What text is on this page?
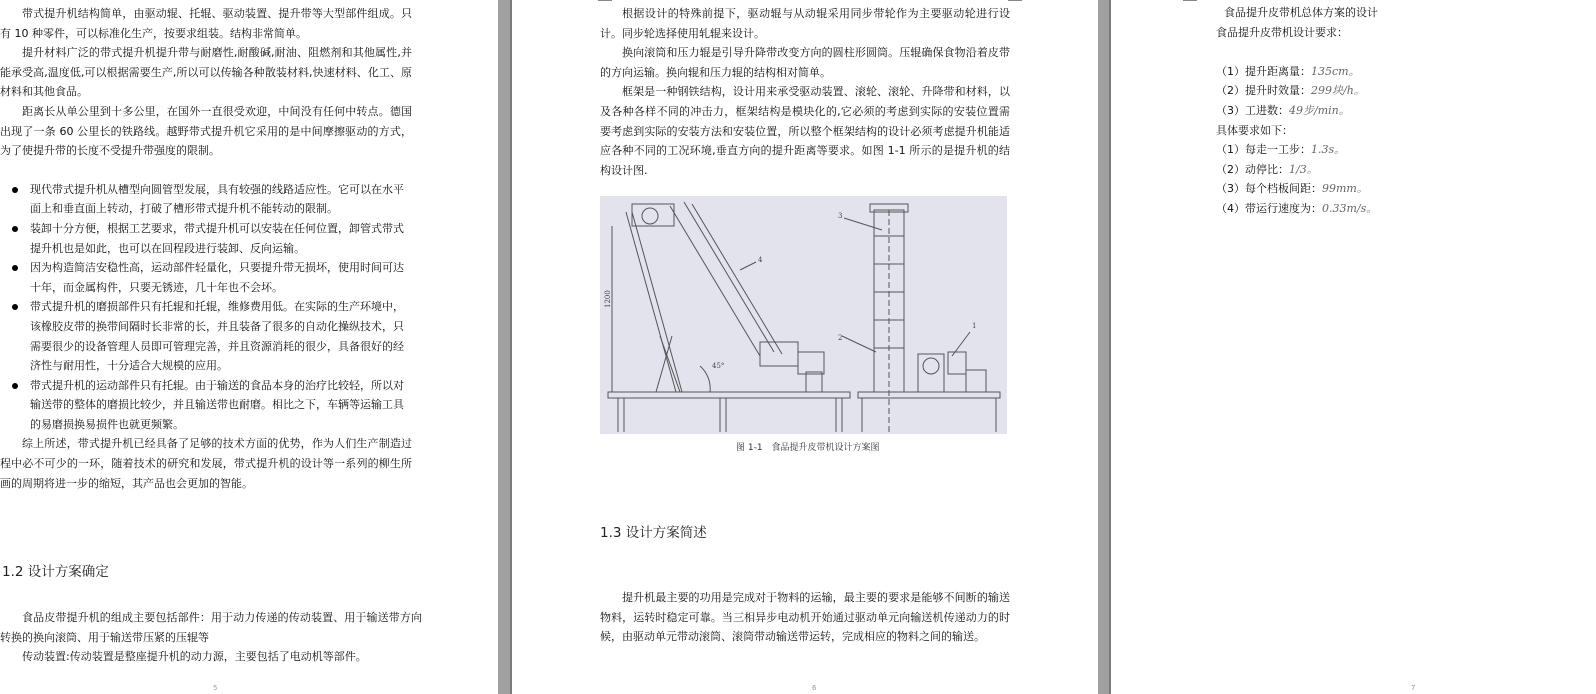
带式提升机结构简单，由驱动辊、托辊、驱动装置、提升带等大型部件组成。只有 10 种零件，可以标准化生产，按要求组装。结构非常简单。

提升材料广泛的带式提升机提升带与耐磨性,耐酸碱,耐油、阻燃剂和其他属性,并能承受高,温度低,可以根据需要生产,所以可以传输各种散装材料,快速材料、化工、原材料和其他食品。

距离长从单公里到十多公里，在国外一直很受欢迎，中间没有任何中转点。德国出现了一条 60 公里长的铁路线。越野带式提升机它采用的是中间摩擦驱动的方式，为了使提升带的长度不受提升带强度的限制。

现代带式提升机从槽型向圆管型发展，具有较强的线路适应性。它可以在水平面上和垂直面上转动，打破了槽形带式提升机不能转动的限制。
装卸十分方便，根据工艺要求，带式提升机可以安装在任何位置，卸管式带式提升机也是如此，也可以在回程段进行装卸、反向运输。
因为构造简洁安稳性高，运动部件轻量化，只要提升带无损坏，使用时间可达十年，而金属构件，只要无锈迹，几十年也不会坏。
带式提升机的磨损部件只有托辊和托辊，维修费用低。在实际的生产环境中，该橡胶皮带的换带间隔时长非常的长，并且装备了很多的自动化操纵技术，只需要很少的设备管理人员即可管理完善，并且资源消耗的很少，具备很好的经济性与耐用性，十分适合大规模的应用。
带式提升机的运动部件只有托辊。由于输送的食品本身的治疗比较轻，所以对输送带的整体的磨损比较少，并且输送带也耐磨。相比之下，车辆等运输工具的易磨损换易损件也就更频繁。

综上所述，带式提升机已经具备了足够的技术方面的优势，作为人们生产制造过程中必不可少的一环，随着技术的研究和发展，带式提升机的设计等一系列的柳生所画的周期将进一步的缩短，其产品也会更加的智能。

1.2 设计方案确定

食品皮带提升机的组成主要包括部件：用于动力传递的传动装置、用于输送带方向转换的换向滚筒、用于输送带压紧的压辊等

传动装置:传动装置是整座提升机的动力源，主要包括了电动机等部件。

5

根据设计的特殊前提下，驱动辊与从动辊采用同步带轮作为主要驱动轮进行设计。同步轮选择使用轧辊来设计。

换向滚筒和压力辊是引导升降带改变方向的圆柱形圆筒。压辊确保食物沿着皮带的方向运输。换向辊和压力辊的结构相对简单。

框架是一种钢铁结构，设计用来承受驱动装置、滚轮、滚轮、升降带和材料，以及各种各样不同的冲击力，框架结构是模块化的,它必须的考虑到实际的安装位置需要考虑到实际的安装方法和安装位置，所以整个框架结构的设计必须考虑提升机能适应各种不同的工况环境,垂直方向的提升距离等要求。如图 1-1 所示的是提升机的结构设计图.

1200
45°
1
2
3
4
图 1-1　食品提升皮带机设计方案图
1.3 设计方案简述

提升机最主要的功用是完成对于物料的运输，最主要的要求是能够不间断的输送物料，运转时稳定可靠。当三相异步电动机开始通过驱动单元向输送机传递动力的时候，由驱动单元带动滚筒、滚筒带动输送带运转，完成相应的物料之间的输送。

6

食品提升皮带机总体方案的设计

食品提升皮带机设计要求：

（1）提升距离量：135cm。

（2）提升时效量：299块/h。

（3）工进数：49步/min。

具体要求如下：

（1）每走一工步：1.3s。

（2）动停比：1/3。

（3）每个档板间距：99mm。

（4）带运行速度为：0.33m/s。

7
